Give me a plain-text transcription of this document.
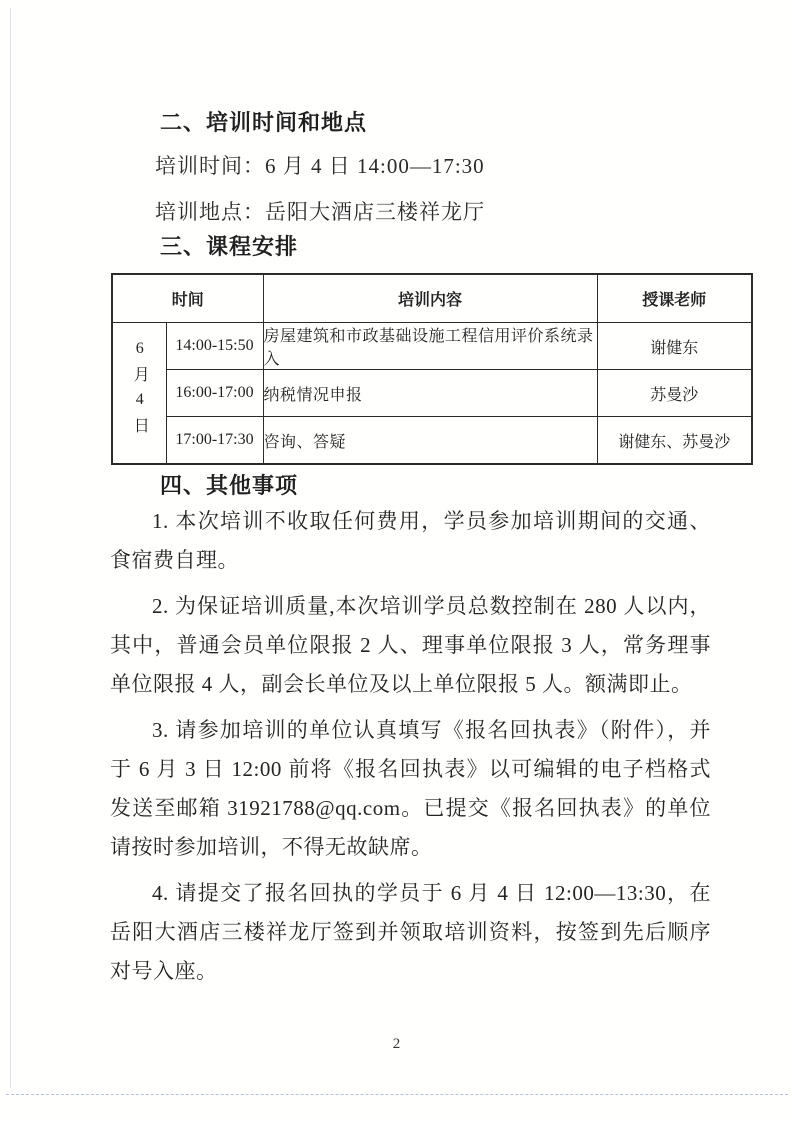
二、培训时间和地点
培训时间：6 月 4 日 14:00—17:30
培训地点：岳阳大酒店三楼祥龙厅
三、课程安排
时间		培训内容	授课老师
6月4日	14:00-15:50	房屋建筑和市政基础设施工程信用评价系统录入	谢健东
	16:00-17:00	纳税情况申报	苏曼沙
	17:00-17:30	咨询、答疑	谢健东、苏曼沙
四、其他事项

1. 本次培训不收取任何费用，学员参加培训期间的交通、食宿费自理。

2. 为保证培训质量,本次培训学员总数控制在 280 人以内，其中，普通会员单位限报 2 人、理事单位限报 3 人，常务理事单位限报 4 人，副会长单位及以上单位限报 5 人。额满即止。

3. 请参加培训的单位认真填写《报名回执表》（附件），并于 6 月 3 日 12:00 前将《报名回执表》以可编辑的电子档格式发送至邮箱 31921788@qq.com。已提交《报名回执表》的单位请按时参加培训，不得无故缺席。

4. 请提交了报名回执的学员于 6 月 4 日 12:00—13:30，在岳阳大酒店三楼祥龙厅签到并领取培训资料，按签到先后顺序对号入座。

2
